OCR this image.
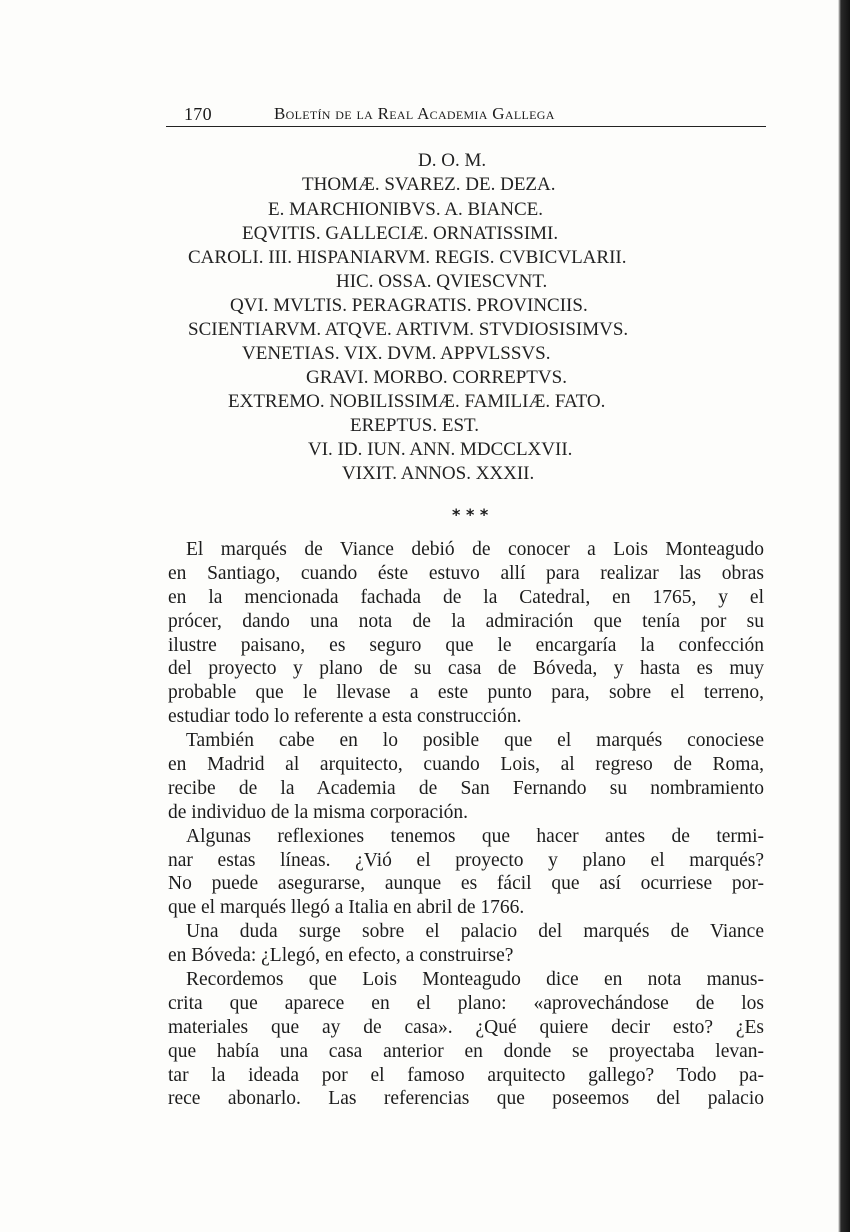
170	Boletín de la Real Academia Gallega
D. O. M.
THOMÆ. SVAREZ. DE. DEZA.
E. MARCHIONIBVS. A. BIANCE.
EQVITIS. GALLECIÆ. ORNATISSIMI.
CAROLI. III. HISPANIARVM. REGIS. CVBICVLARII.
HIC. OSSA. QVIESCVNT.
QVI. MVLTIS. PERAGRATIS. PROVINCIIS.
SCIENTIARVM. ATQVE. ARTIVM. STVDIOSISIMVS.
VENETIAS. VIX. DVM. APPVLSSVS.
GRAVI. MORBO. CORREPTVS.
EXTREMO. NOBILISSIMÆ. FAMILIÆ. FATO.
EREPTUS. EST.
VI. ID. IUN. ANN. MDCCLXVII.
VIXIT. ANNOS. XXXII.
* * *
El marqués de Viance debió de conocer a Lois Monteagudo
en Santiago, cuando éste estuvo allí para realizar las obras
en la mencionada fachada de la Catedral, en 1765, y el
prócer, dando una nota de la admiración que tenía por su
ilustre paisano, es seguro que le encargaría la confección
del proyecto y plano de su casa de Bóveda, y hasta es muy
probable que le llevase a este punto para, sobre el terreno,
estudiar todo lo referente a esta construcción.
También cabe en lo posible que el marqués conociese
en Madrid al arquitecto, cuando Lois, al regreso de Roma,
recibe de la Academia de San Fernando su nombramiento
de individuo de la misma corporación.
Algunas reflexiones tenemos que hacer antes de termi-
nar estas líneas. ¿Vió el proyecto y plano el marqués?
No puede asegurarse, aunque es fácil que así ocurriese por-
que el marqués llegó a Italia en abril de 1766.
Una duda surge sobre el palacio del marqués de Viance
en Bóveda: ¿Llegó, en efecto, a construirse?
Recordemos que Lois Monteagudo dice en nota manus-
crita que aparece en el plano: «aprovechándose de los
materiales que ay de casa». ¿Qué quiere decir esto? ¿Es
que había una casa anterior en donde se proyectaba levan-
tar la ideada por el famoso arquitecto gallego? Todo pa-
rece abonarlo. Las referencias que poseemos del palacio
